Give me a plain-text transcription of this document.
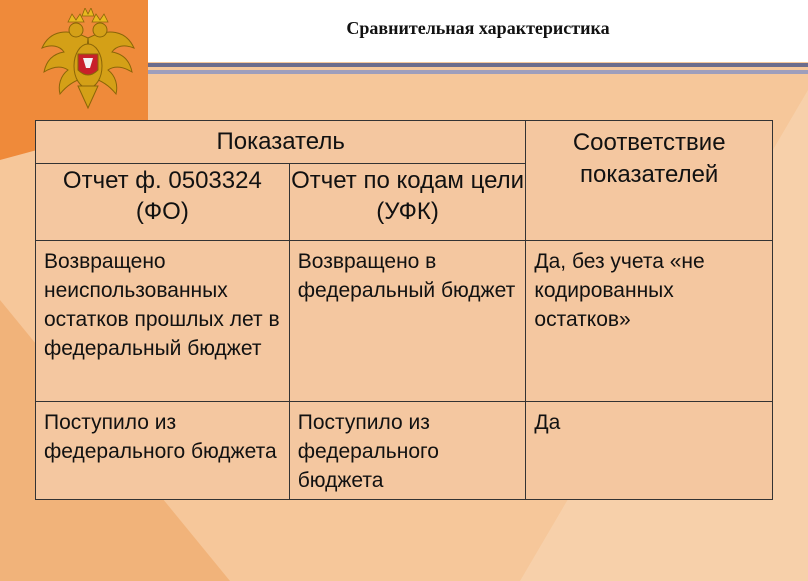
Сравнительная характеристика
Показатель		Соответствие показателей
Отчет ф. 0503324 (ФО)	Отчет по кодам цели (УФК)	
Возвращено неиспользованных остатков прошлых лет в федеральный бюджет	Возвращено в федеральный бюджет	Да, без учета «не кодированных остатков»
Поступило из федерального бюджета	Поступило из федерального бюджета	Да
